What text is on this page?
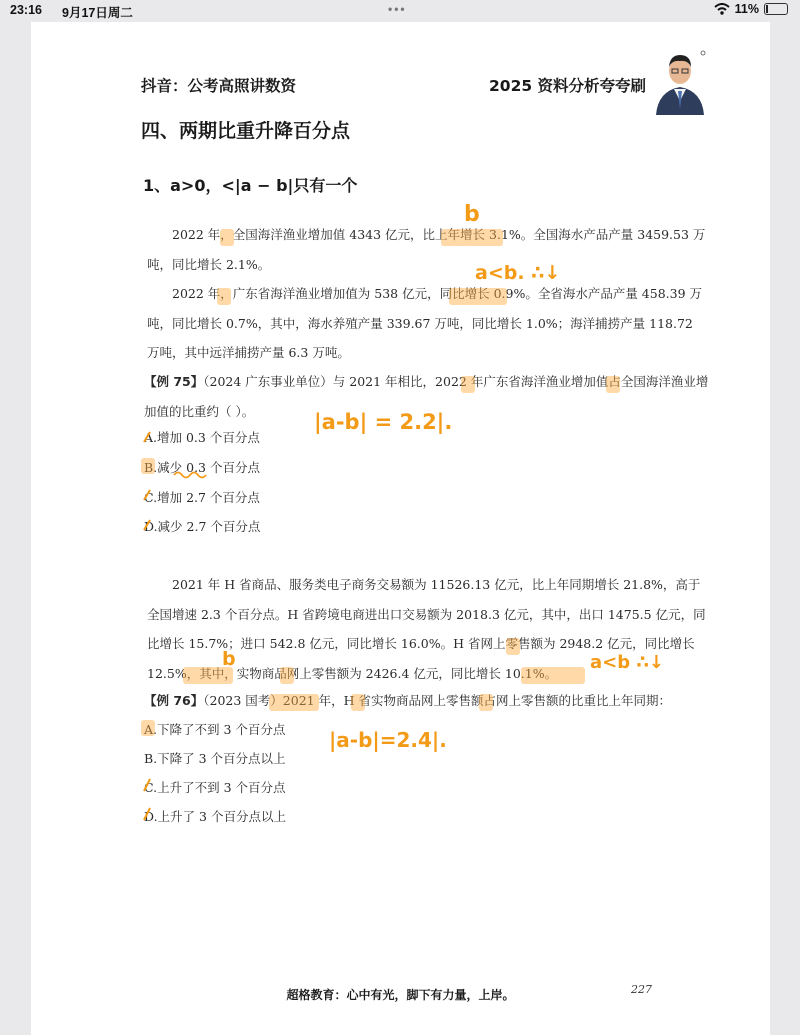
23:16 9月17日周二	•••	11%
抖音：公考高照讲数资	2025 资料分析夸夸刷
四、两期比重升降百分点
1、a>0，<|a − b|只有一个

2022 年，全国海洋渔业增加值 4343 亿元，比上年增长 3.1%。全国海水产品产量 3459.53 万吨，同比增长 2.1%。

2022 年，广东省海洋渔业增加值为 538 亿元，同比增长 0.9%。全省海水产品产量 458.39 万吨，同比增长 0.7%，其中，海水养殖产量 339.67 万吨，同比增长 1.0%；海洋捕捞产量 118.72 万吨，其中远洋捕捞产量 6.3 万吨。

【例 75】（2024 广东事业单位）与 2021 年相比，2022 年广东省海洋渔业增加值占全国海洋渔业增加值的比重约（ ）。
A.增加 0.3 个百分点
B.减少 0.3 个百分点
C.增加 2.7 个百分点
D.减少 2.7 个百分点
b
a<b. ∴↓
|a-b| = 2.2|.

2021 年 H 省商品、服务类电子商务交易额为 11526.13 亿元，比上年同期增长 21.8%，高于全国增速 2.3 个百分点。H 省跨境电商进出口交易额为 2018.3 亿元，其中，出口 1475.5 亿元，同比增长 15.7%；进口 542.8 亿元，同比增长 16.0%。H 省网上零售额为 2948.2 亿元，同比增长 12.5%，其中，实物商品网上零售额为 2426.4 亿元，同比增长 10.1%。

【例 76】（2023 国考）2021 年，H 省实物商品网上零售额占网上零售额的比重比上年同期：
A.下降了不到 3 个百分点
B.下降了 3 个百分点以上
C.上升了不到 3 个百分点
D.上升了 3 个百分点以上
b	a<b ∴↓
|a-b|=2.4|.
超格教育：心中有光，脚下有力量，上岸。	227
